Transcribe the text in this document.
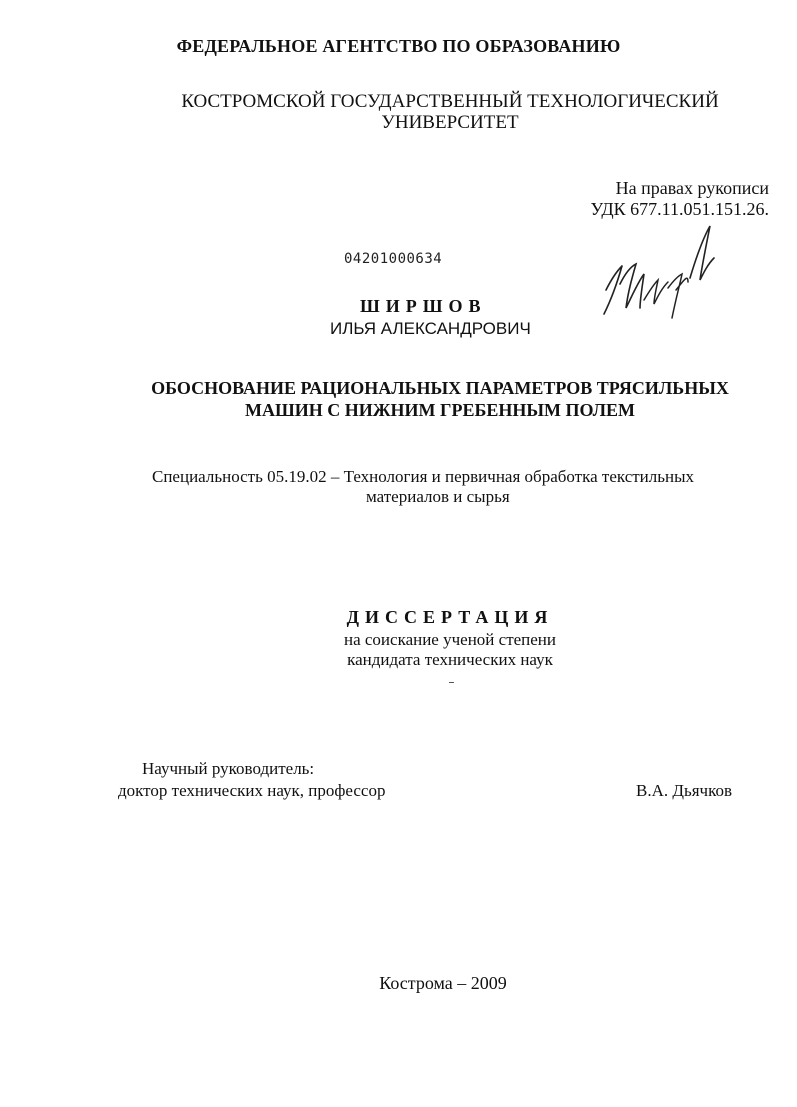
ФЕДЕРАЛЬНОЕ АГЕНТСТВО ПО ОБРАЗОВАНИЮ
КОСТРОМСКОЙ ГОСУДАРСТВЕННЫЙ ТЕХНОЛОГИЧЕСКИЙ
УНИВЕРСИТЕТ
На правах рукописи
УДК 677.11.051.151.26.
04201000634
ШИРШОВ
ИЛЬЯ АЛЕКСАНДРОВИЧ
ОБОСНОВАНИЕ РАЦИОНАЛЬНЫХ ПАРАМЕТРОВ ТРЯСИЛЬНЫХ
МАШИН С НИЖНИМ ГРЕБЕННЫМ ПОЛЕМ
Специальность 05.19.02 – Технология и первичная обработка текстильных
материалов и сырья
ДИССЕРТАЦИЯ
на соискание ученой степени
кандидата технических наук
Научный руководитель:
доктор технических наук, профессор	В.А. Дьячков
Кострома – 2009
